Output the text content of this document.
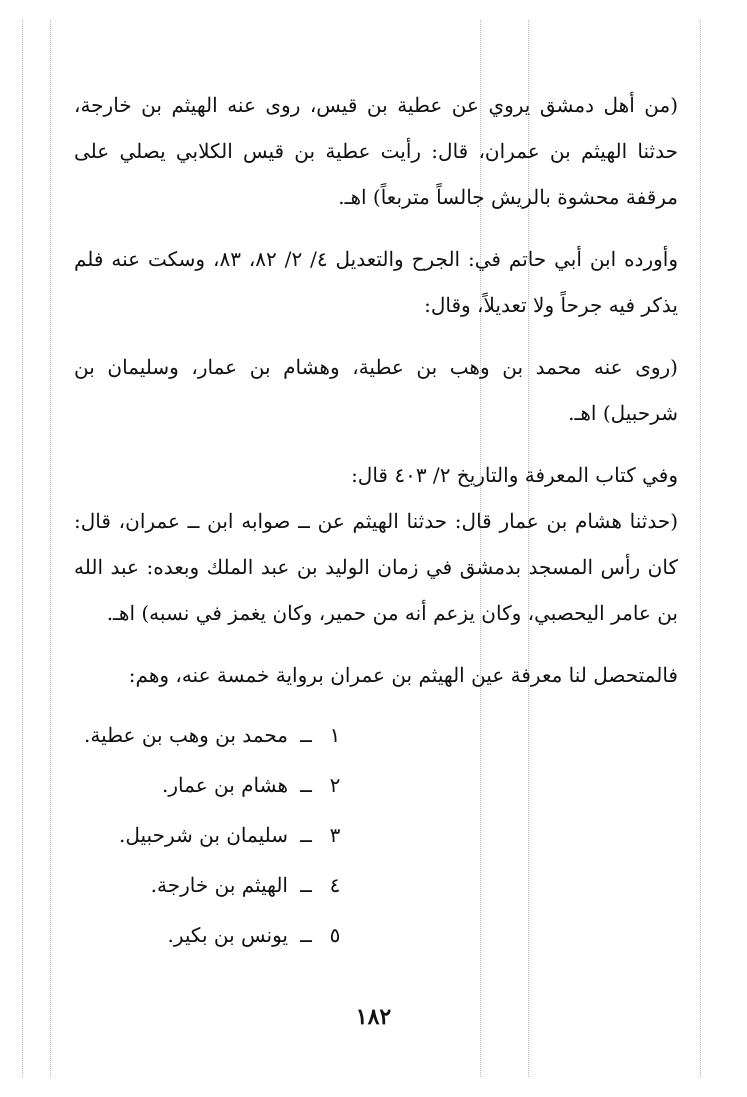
(من أهل دمشق يروي عن عطية بن قيس، روى عنه الهيثم بن خارجة، حدثنا الهيثم بن عمران، قال: رأيت عطية بن قيس الكلابي يصلي على مرقفة محشوة بالريش جالساً متربعاً) اهـ.

وأورده ابن أبي حاتم في: الجرح والتعديل ٤/ ٢/ ٨٢، ٨٣، وسكت عنه فلم يذكر فيه جرحاً ولا تعديلاً، وقال:

(روى عنه محمد بن وهب بن عطية، وهشام بن عمار، وسليمان بن شرحبيل) اهـ.

وفي كتاب المعرفة والتاريخ ٢/ ٤٠٣ قال:

(حدثنا هشام بن عمار قال: حدثنا الهيثم عن ــ صوابه ابن ــ عمران، قال: كان رأس المسجد بدمشق في زمان الوليد بن عبد الملك وبعده: عبد الله بن عامر اليحصبي، وكان يزعم أنه من حمير، وكان يغمز في نسبه) اهـ.

فالمتحصل لنا معرفة عين الهيثم بن عمران برواية خمسة عنه، وهم:

١ــمحمد بن وهب بن عطية.
٢ــهشام بن عمار.
٣ــسليمان بن شرحبيل.
٤ــالهيثم بن خارجة.
٥ــيونس بن بكير.
١٨٢
